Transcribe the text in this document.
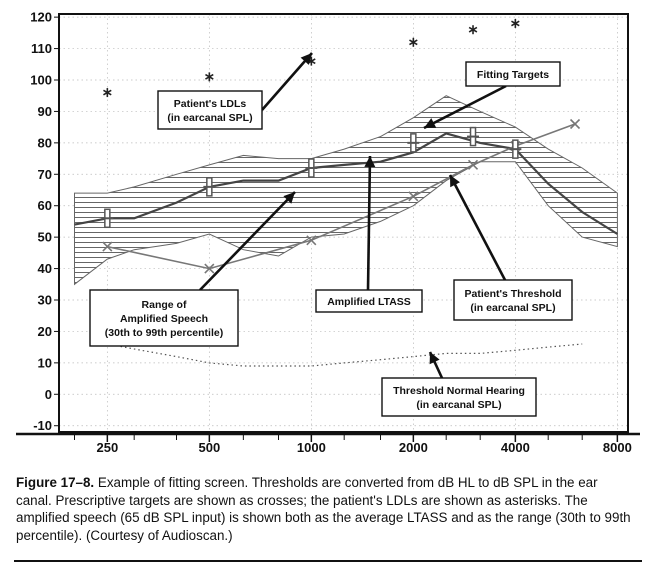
-10
0
10
20
30
40
50
60
70
80
90
100
110
120
250	500	1000	2000	4000	8000
Patient's LDLs
(in earcanal SPL)
Fitting Targets
Range of
Amplified Speech
(30th to 99th percentile)
Amplified LTASS
Patient's Threshold
(in earcanal SPL)
Threshold Normal Hearing
(in earcanal SPL)
Figure 17–8. Example of fitting screen. Thresholds are converted from dB HL to dB SPL in the ear canal. Prescriptive targets are shown as crosses; the patient's LDLs are shown as asterisks. The amplified speech (65 dB SPL input) is shown both as the average LTASS and as the range (30th to 99th percentile). (Courtesy of Audioscan.)
